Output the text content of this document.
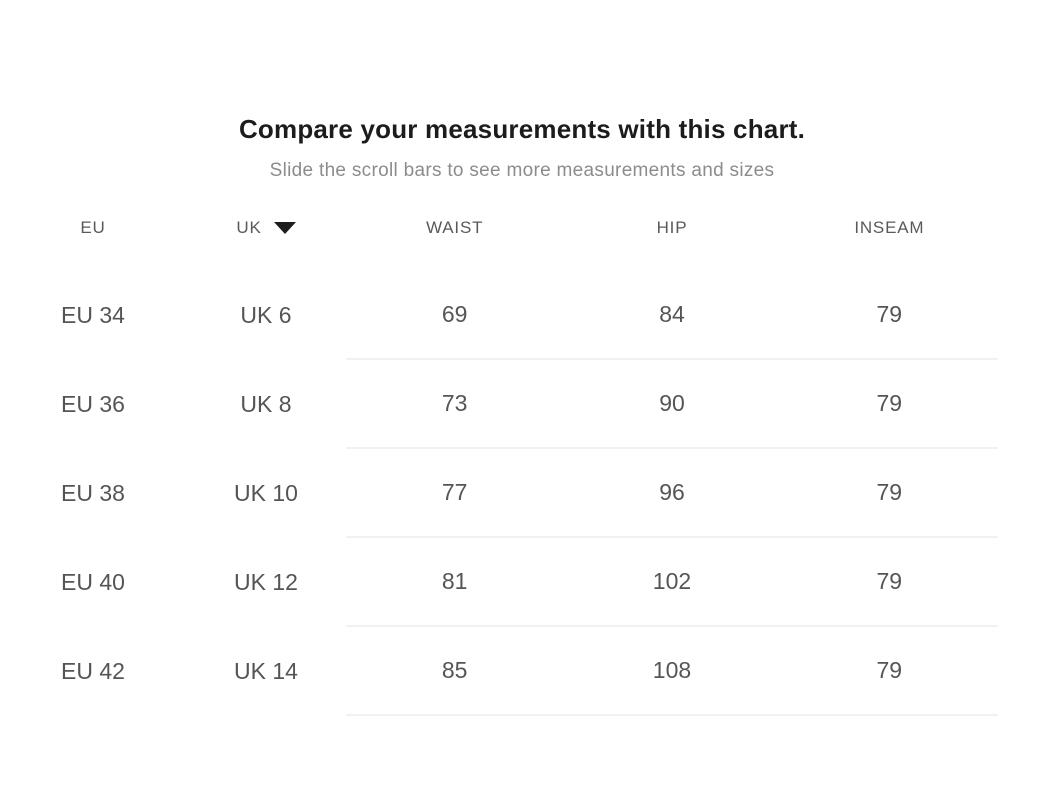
Compare your measurements with this chart.

Slide the scroll bars to see more measurements and sizes

EU	UK	WAIST	HIP	INSEAM
EU 34	UK 6	69	84	79
EU 36	UK 8	73	90	79
EU 38	UK 10	77	96	79
EU 40	UK 12	81	102	79
EU 42	UK 14	85	108	79
